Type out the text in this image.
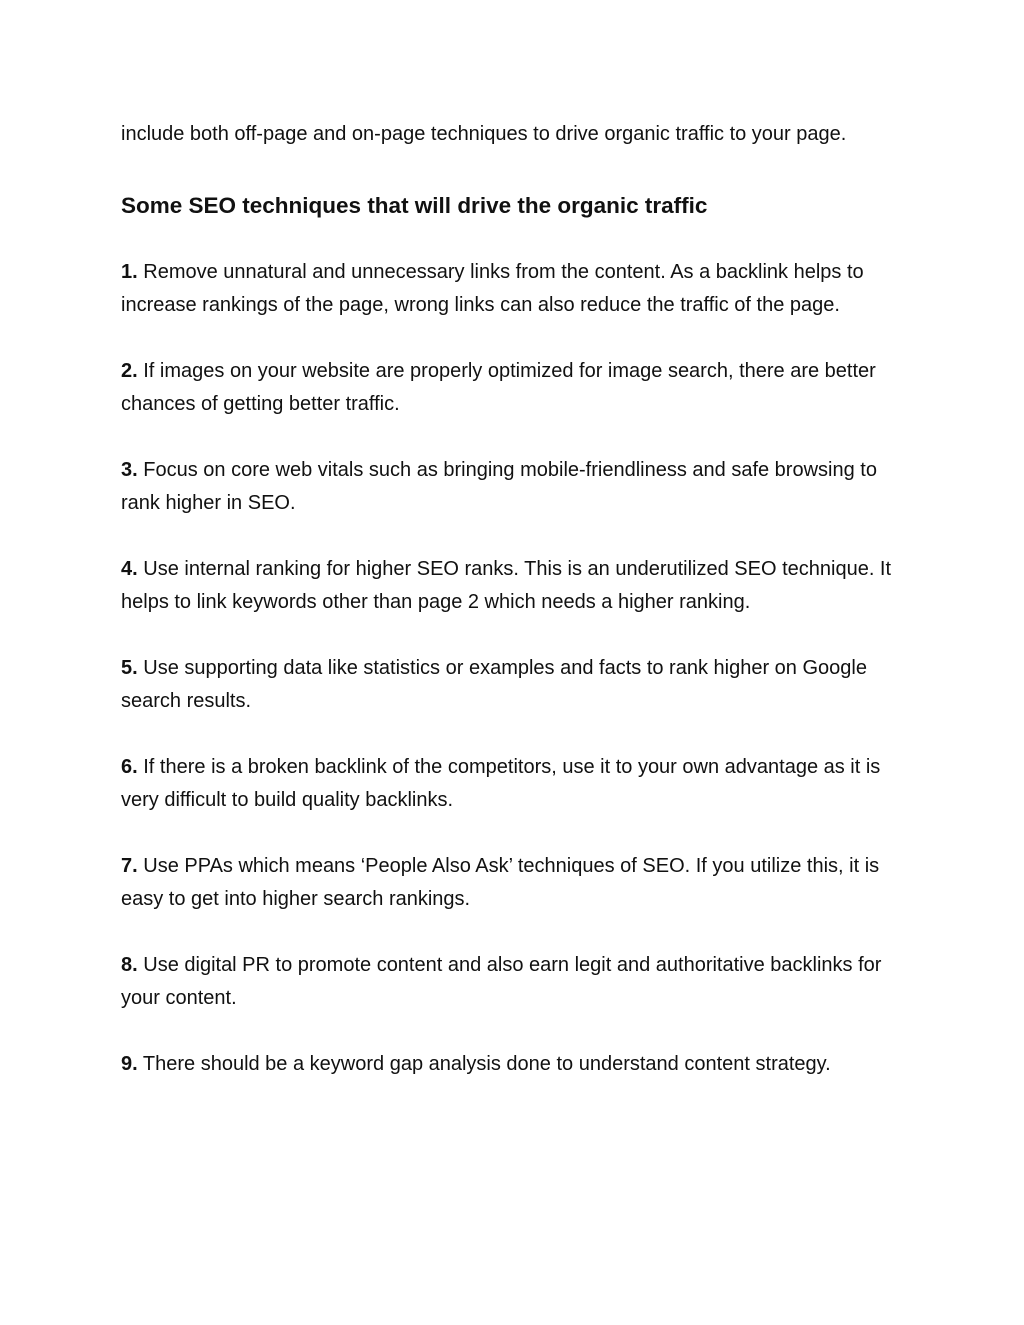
include both off-page and on-page techniques to drive organic traffic to your page.

Some SEO techniques that will drive the organic traffic

1. Remove unnatural and unnecessary links from the content. As a backlink helps to increase rankings of the page, wrong links can also reduce the traffic of the page.

2. If images on your website are properly optimized for image search, there are better chances of getting better traffic.

3. Focus on core web vitals such as bringing mobile-friendliness and safe browsing to rank higher in SEO.

4. Use internal ranking for higher SEO ranks. This is an underutilized SEO technique. It helps to link keywords other than page 2 which needs a higher ranking.

5. Use supporting data like statistics or examples and facts to rank higher on Google search results.

6. If there is a broken backlink of the competitors, use it to your own advantage as it is very difficult to build quality backlinks.

7. Use PPAs which means ‘People Also Ask’ techniques of SEO. If you utilize this, it is easy to get into higher search rankings.

8. Use digital PR to promote content and also earn legit and authoritative backlinks for your content.

9. There should be a keyword gap analysis done to understand content strategy.
